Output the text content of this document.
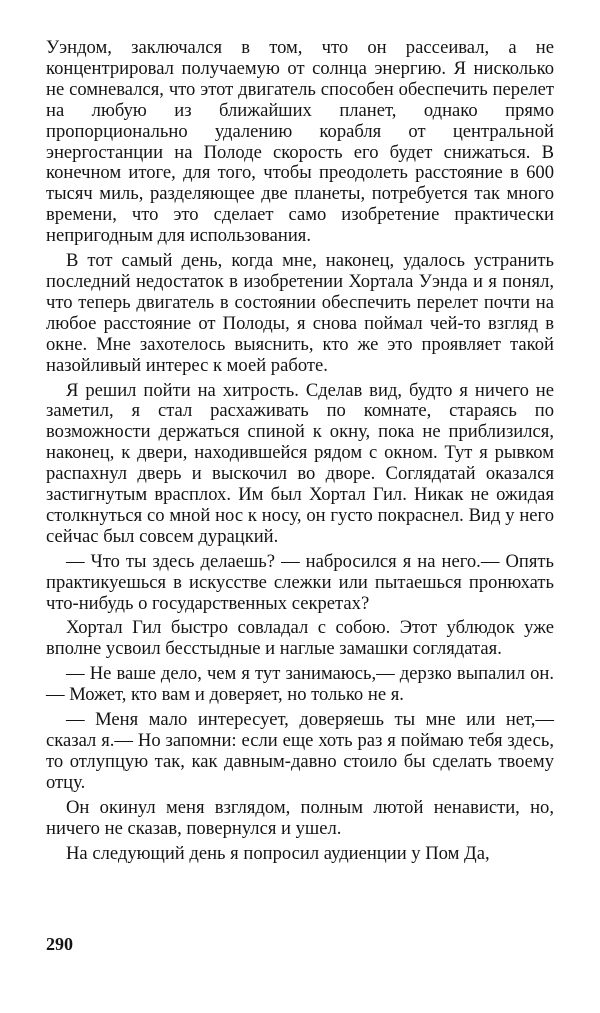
Уэндом, заключался в том, что он рассеивал, а не концентрировал получаемую от солнца энергию. Я нисколько не сомневался, что этот двигатель способен обеспечить перелет на любую из ближайших планет, однако прямо пропорционально удалению корабля от центральной энергостанции на Полоде скорость его будет снижаться. В конечном итоге, для того, чтобы преодолеть расстояние в 600 тысяч миль, разделяющее две планеты, потребуется так много времени, что это сделает само изобретение практически непригодным для использования.

В тот самый день, когда мне, наконец, удалось устранить последний недостаток в изобретении Хортала Уэнда и я понял, что теперь двигатель в состоянии обеспечить перелет почти на любое расстояние от Полоды, я снова поймал чей-то взгляд в окне. Мне захотелось выяснить, кто же это проявляет такой назойливый интерес к моей работе.

Я решил пойти на хитрость. Сделав вид, будто я ничего не заметил, я стал расхаживать по комнате, стараясь по возможности держаться спиной к окну, пока не приблизился, наконец, к двери, находившейся рядом с окном. Тут я рывком распахнул дверь и выскочил во дворе. Соглядатай оказался застигнутым врасплох. Им был Хортал Гил. Никак не ожидая столкнуться со мной нос к носу, он густо покраснел. Вид у него сейчас был совсем дурацкий.

— Что ты здесь делаешь? — набросился я на него.— Опять практикуешься в искусстве слежки или пытаешься пронюхать что-нибудь о государственных секретах?

Хортал Гил быстро совладал с собою. Этот ублюдок уже вполне усвоил бесстыдные и наглые замашки соглядатая.

— Не ваше дело, чем я тут занимаюсь,— дерзко выпалил он.— Может, кто вам и доверяет, но только не я.

— Меня мало интересует, доверяешь ты мне или нет,— сказал я.— Но запомни: если еще хоть раз я поймаю тебя здесь, то отлупцую так, как давным-давно стоило бы сделать твоему отцу.

Он окинул меня взглядом, полным лютой ненависти, но, ничего не сказав, повернулся и ушел.

На следующий день я попросил аудиенции у Пом Да,

290
